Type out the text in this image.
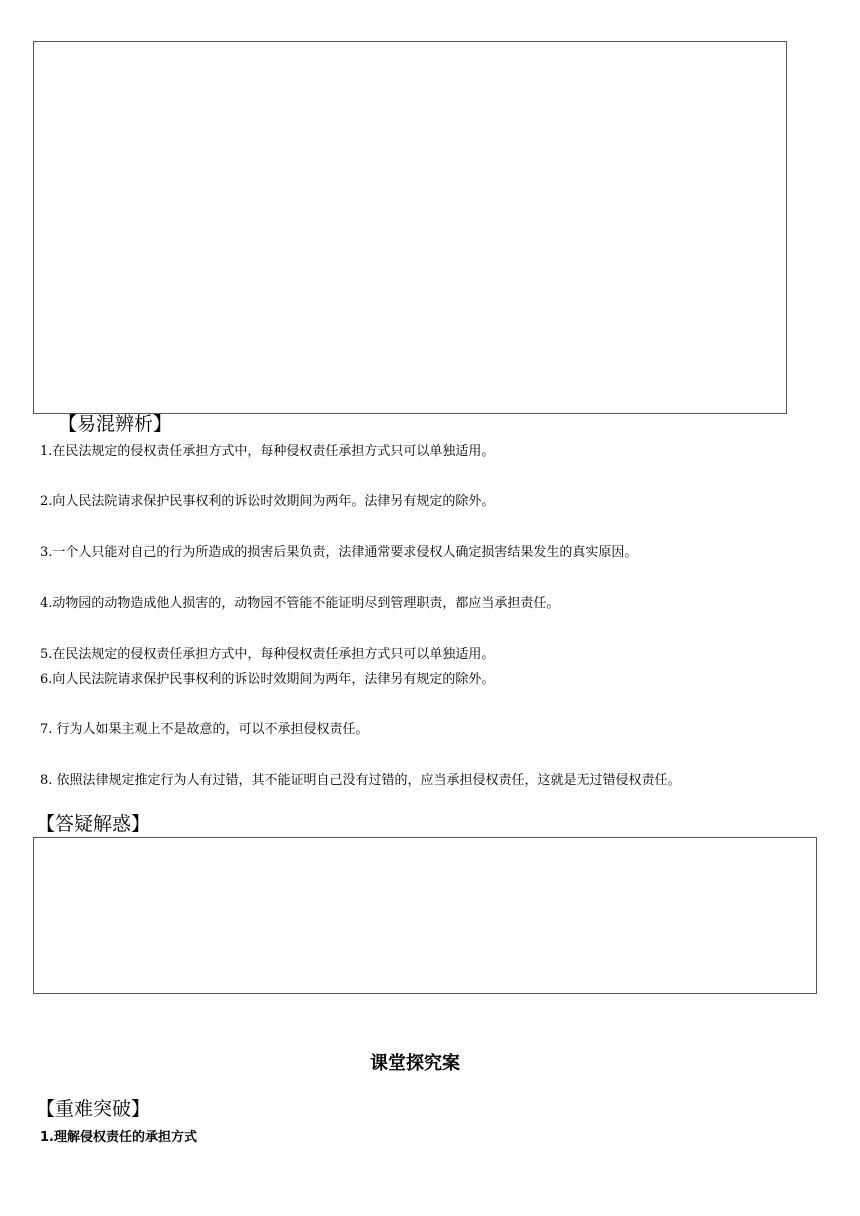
【易混辨析】
1.在民法规定的侵权责任承担方式中，每种侵权责任承担方式只可以单独适用。
2.向人民法院请求保护民事权利的诉讼时效期间为两年。法律另有规定的除外。
3.一个人只能对自己的行为所造成的损害后果负责，法律通常要求侵权人确定损害结果发生的真实原因。
4.动物园的动物造成他人损害的，动物园不管能不能证明尽到管理职责，都应当承担责任。
5.在民法规定的侵权责任承担方式中，每种侵权责任承担方式只可以单独适用。
6.向人民法院请求保护民事权利的诉讼时效期间为两年，法律另有规定的除外。
7. 行为人如果主观上不是故意的，可以不承担侵权责任。
8. 依照法律规定推定行为人有过错，其不能证明自己没有过错的，应当承担侵权责任，这就是无过错侵权责任。
【答疑解惑】
课堂探究案
【重难突破】
1.理解侵权责任的承担方式
